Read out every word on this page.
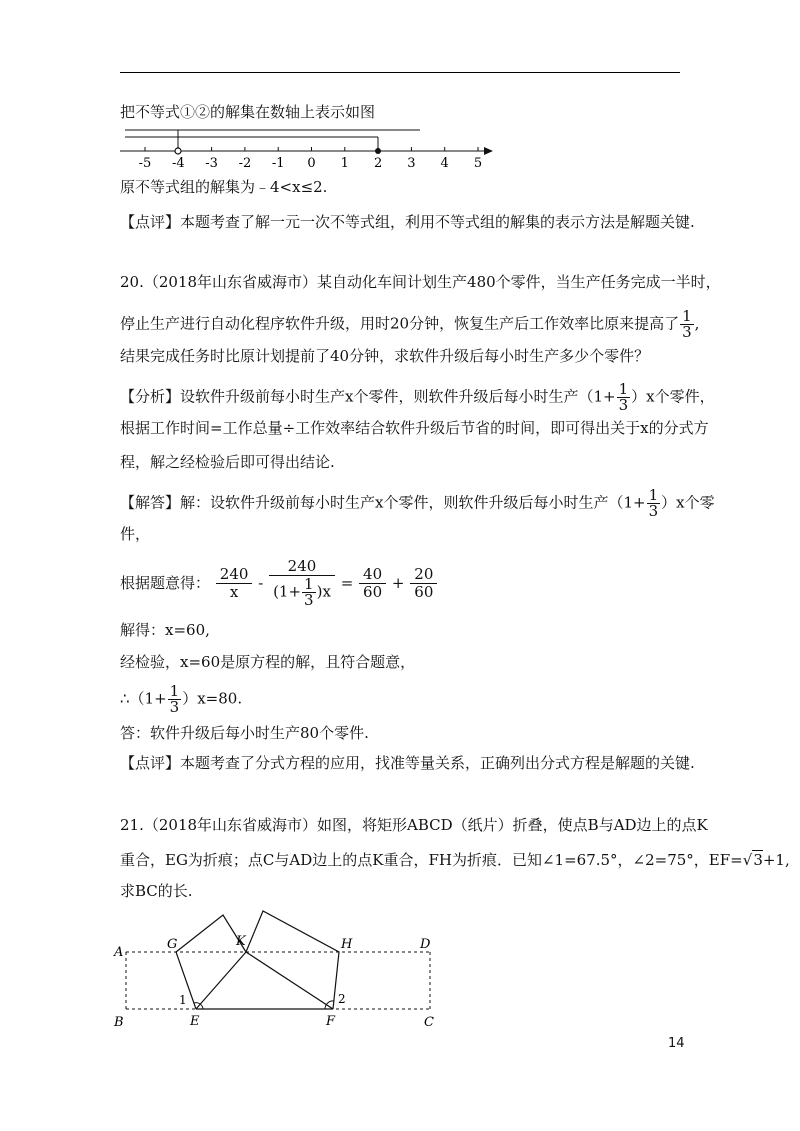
把不等式①②的解集在数轴上表示如图
-5 -4 -3 -2 -1 0 1 2 3 4 5
原不等式组的解集为﹣4<x≤2.
【点评】本题考查了解一元一次不等式组，利用不等式组的解集的表示方法是解题关键.
20.（2018年山东省威海市）某自动化车间计划生产480个零件，当生产任务完成一半时，
停止生产进行自动化程序软件升级，用时20分钟，恢复生产后工作效率比原来提高了 $\frac{1}{3}$ ,
结果完成任务时比原计划提前了40分钟，求软件升级后每小时生产多少个零件？
【分析】设软件升级前每小时生产x个零件，则软件升级后每小时生产$(1+ \frac{1}{3} )x$个零件，
根据工作时间=工作总量÷工作效率结合软件升级后节省的时间，即可得出关于x的分式方
程，解之经检验后即可得出结论.
【解答】解：设软件升级前每小时生产x个零件，则软件升级后每小时生产$(1+ \frac{1}{3} )x$个零
件，
根据题意得： $\frac{240}{x} - \frac{240}{(1+ \frac{1}{3} )x} = \frac{40}{60} + \frac{20}{60}$
解得：x=60,
经检验，x=60是原方程的解，且符合题意，
∴（1+ $\frac{1}{3} )x=80$.
答：软件升级后每小时生产80个零件.
【点评】本题考查了分式方程的应用，找准等量关系，正确列出分式方程是解题的关键.
21.（2018年山东省威海市）如图，将矩形ABCD（纸片）折叠，使点B与AD边上的点K
重合，EG为折痕；点C与AD边上的点K重合，FH为折痕．已知∠1=67.5°，∠2=75°，EF=√3+1,
求BC的长.
A
G	K	H	D
B	E	F	C
1	2
14
